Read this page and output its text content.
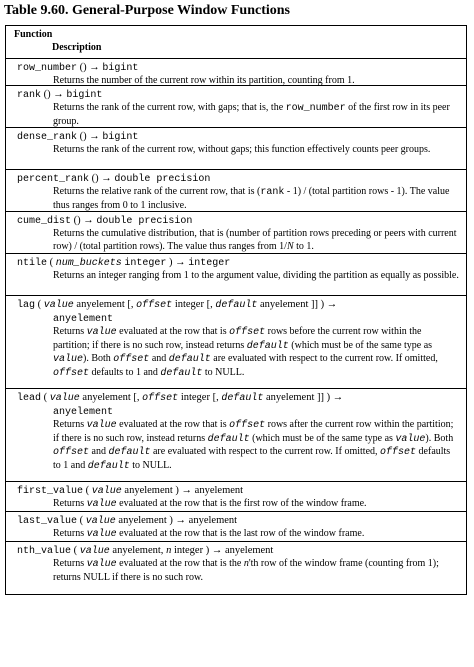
Table 9.60. General-Purpose Window Functions
Function
Description
row_number () → bigint
Returns the number of the current row within its partition, counting from 1.
rank () → bigint
Returns the rank of the current row, with gaps; that is, the row_number of the first row in its peer group.
dense_rank () → bigint
Returns the rank of the current row, without gaps; this function effectively counts peer groups.
percent_rank () → double precision
Returns the relative rank of the current row, that is (rank - 1) / (total partition rows - 1). The value thus ranges from 0 to 1 inclusive.
cume_dist () → double precision
Returns the cumulative distribution, that is (number of partition rows preceding or peers with current row) / (total partition rows). The value thus ranges from 1/N to 1.
ntile ( num_buckets integer ) → integer
Returns an integer ranging from 1 to the argument value, dividing the partition as equally as possible.
lag ( value anyelement [, offset integer [, default anyelement ]] ) →
anyelement
Returns value evaluated at the row that is offset rows before the current row within the partition; if there is no such row, instead returns default (which must be of the same type as value). Both offset and default are evaluated with respect to the current row. If omitted, offset defaults to 1 and default to NULL.
lead ( value anyelement [, offset integer [, default anyelement ]] ) →
anyelement
Returns value evaluated at the row that is offset rows after the current row within the partition; if there is no such row, instead returns default (which must be of the same type as value). Both offset and default are evaluated with respect to the current row. If omitted, offset defaults to 1 and default to NULL.
first_value ( value anyelement ) → anyelement
Returns value evaluated at the row that is the first row of the window frame.
last_value ( value anyelement ) → anyelement
Returns value evaluated at the row that is the last row of the window frame.
nth_value ( value anyelement, n integer ) → anyelement
Returns value evaluated at the row that is the n'th row of the window frame (counting from 1); returns NULL if there is no such row.
